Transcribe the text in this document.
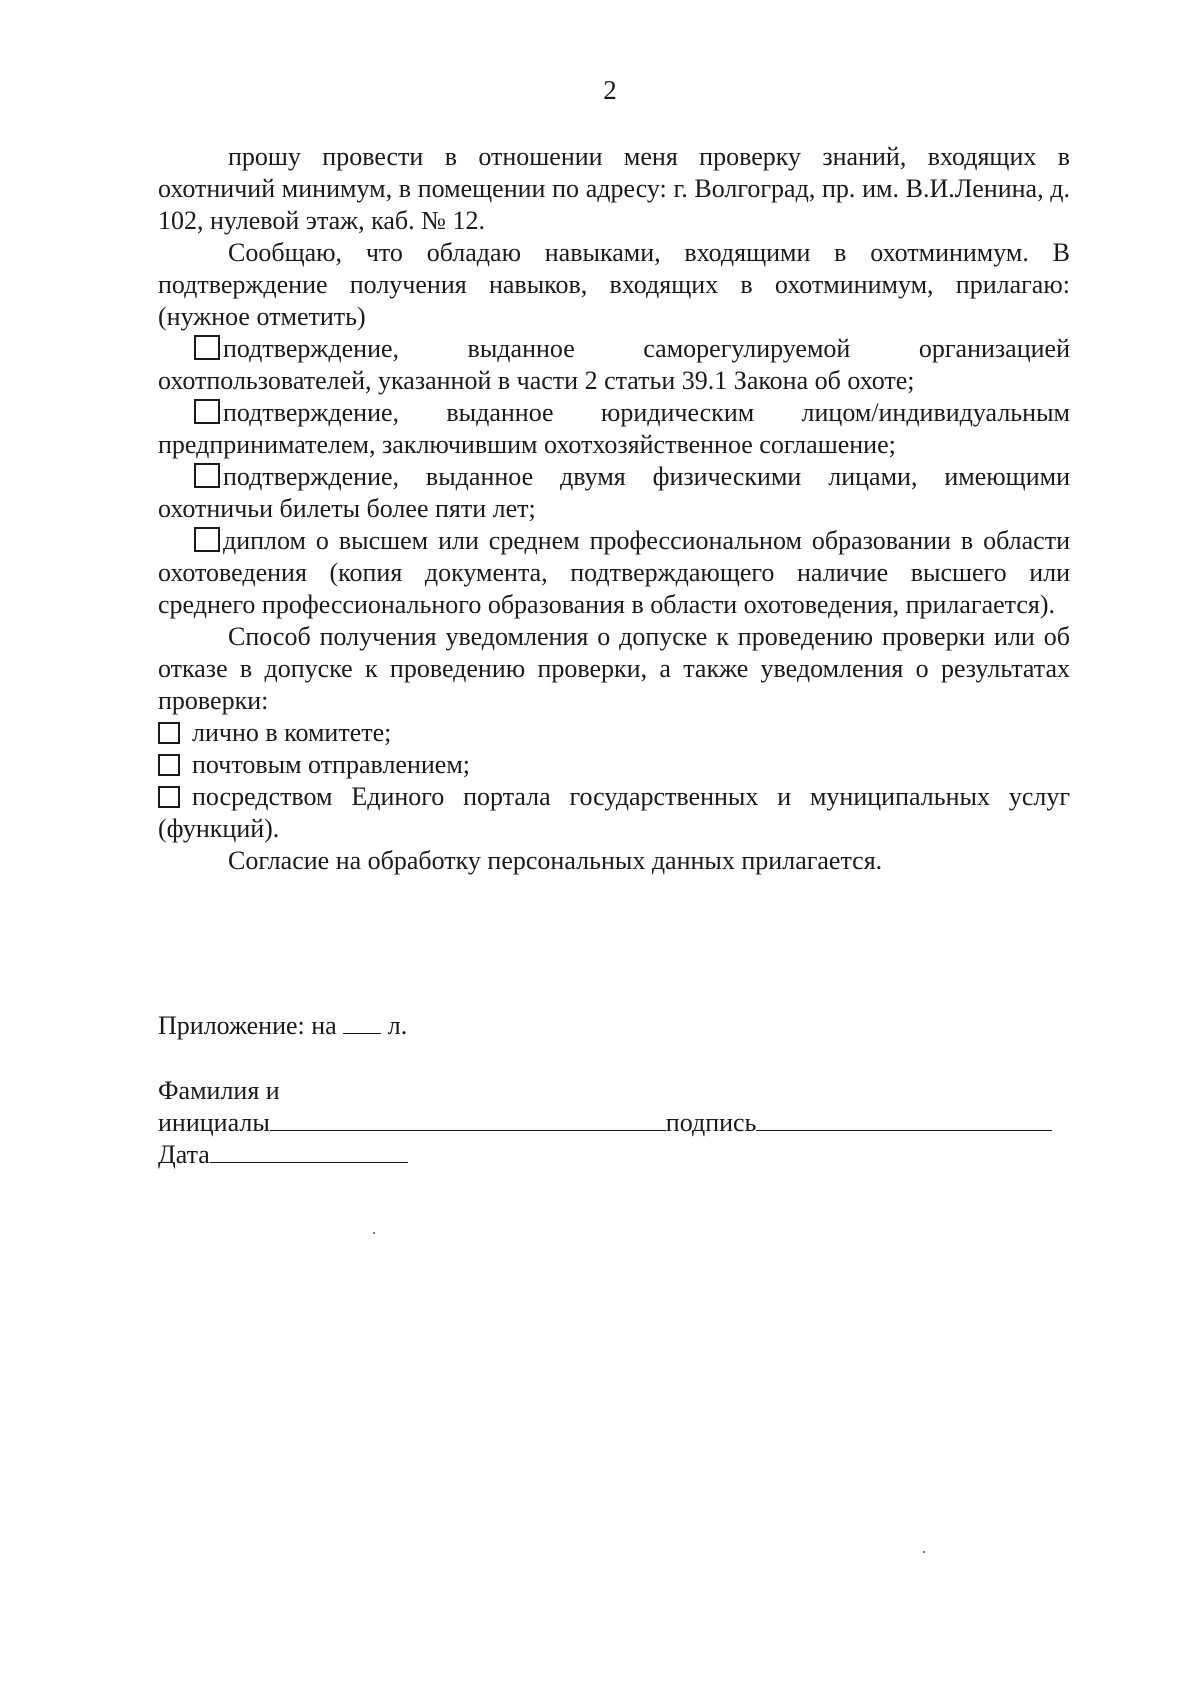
2

прошу провести в отношении меня проверку знаний, входящих в охотничий минимум, в помещении по адресу: г. Волгоград, пр. им. В.И.Ленина, д. 102, нулевой этаж, каб. № 12.

Сообщаю, что обладаю навыками, входящими в охотминимум. В подтверждение получения навыков, входящих в охотминимум, прилагаю: (нужное отметить)

подтверждение, выданное саморегулируемой организацией охотпользователей, указанной в части 2 статьи 39.1 Закона об охоте;

подтверждение, выданное юридическим лицом/индивидуальным предпринимателем, заключившим охотхозяйственное соглашение;

подтверждение, выданное двумя физическими лицами, имеющими охотничьи билеты более пяти лет;

диплом о высшем или среднем профессиональном образовании в области охотоведения (копия документа, подтверждающего наличие высшего или среднего профессионального образования в области охотоведения, прилагается).

Способ получения уведомления о допуске к проведению проверки или об отказе в допуске к проведению проверки, а также уведомления о результатах проверки:

лично в комитете;

почтовым отправлением;

посредством Единого портала государственных и муниципальных услуг (функций).

Согласие на обработку персональных данных прилагается.

Приложение: на л.
Фамилия и
инициалы	подпись
Дата
